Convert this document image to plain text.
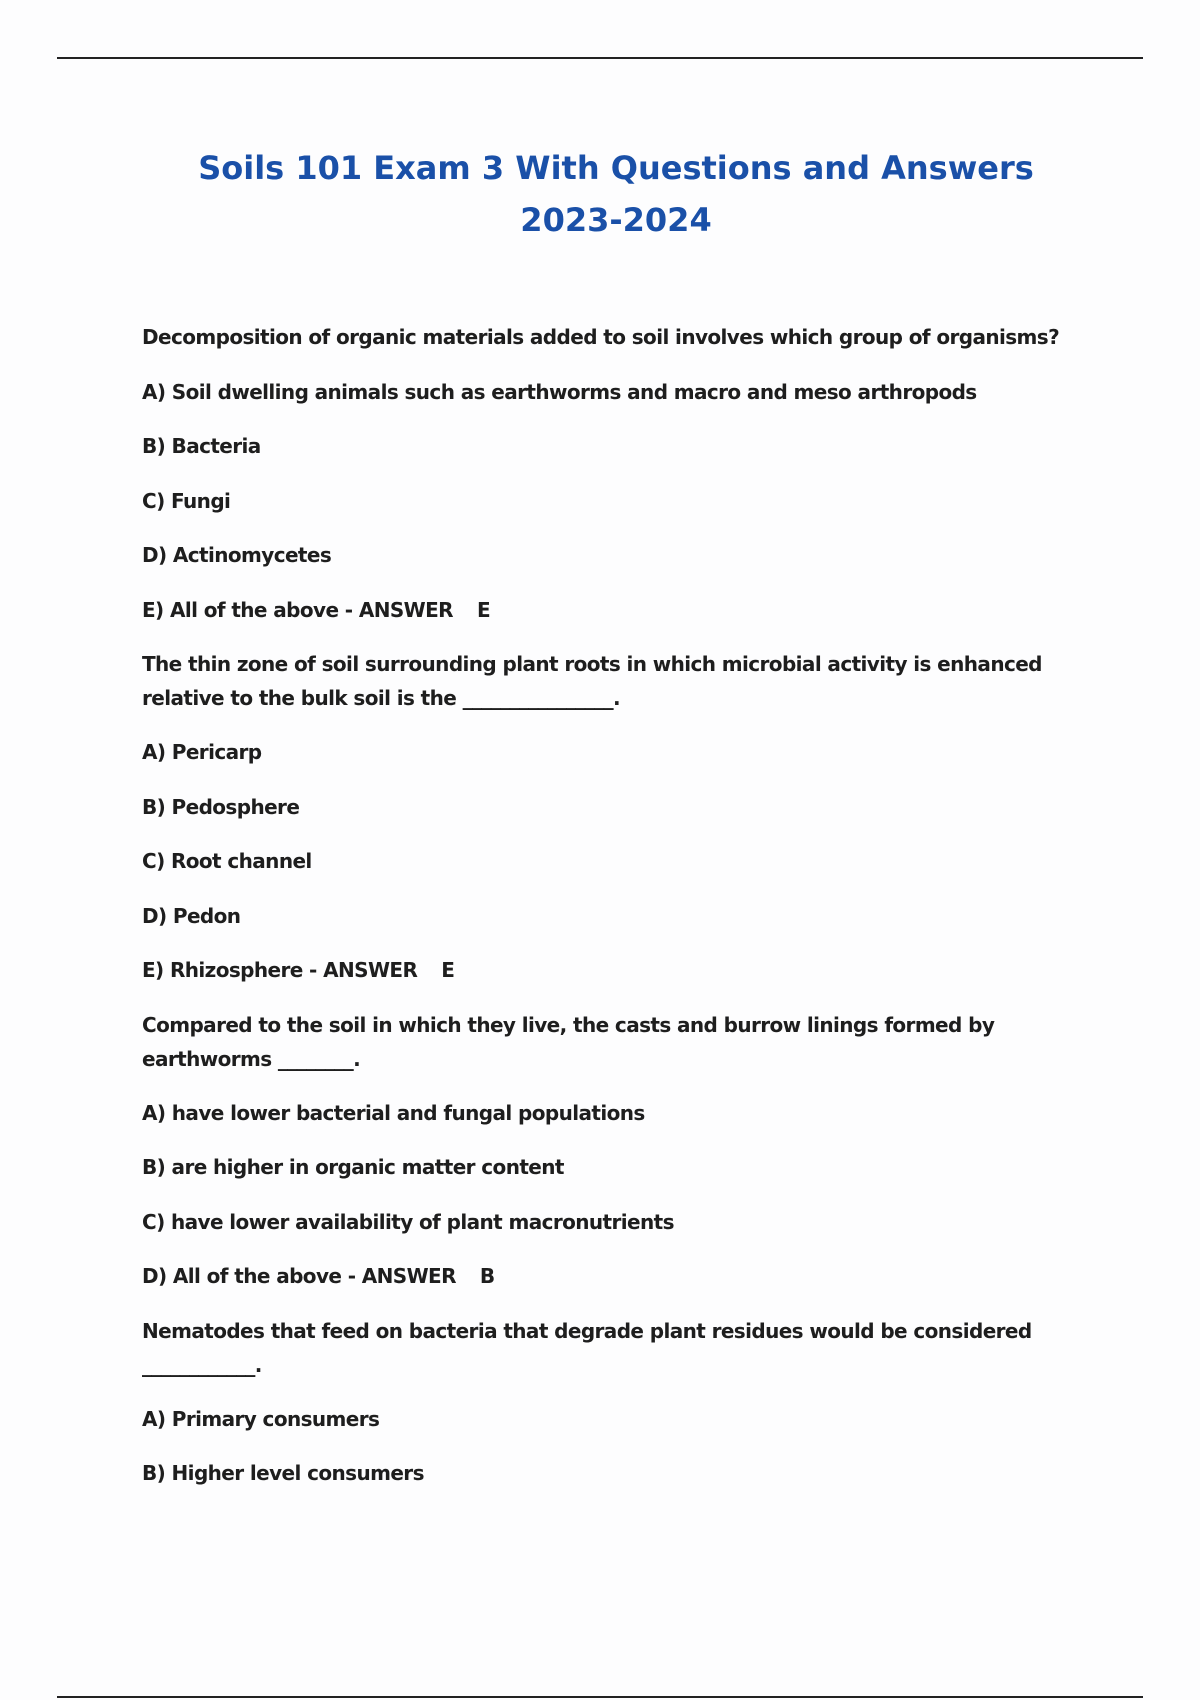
Soils 101 Exam 3 With Questions and Answers
2023-2024
Decomposition of organic materials added to soil involves which group of organisms?
A) Soil dwelling animals such as earthworms and macro and meso arthropods
B) Bacteria
C) Fungi
D) Actinomycetes
E) All of the above - ANSWER E
The thin zone of soil surrounding plant roots in which microbial activity is enhanced relative to the bulk soil is the ________________.
A) Pericarp
B) Pedosphere
C) Root channel
D) Pedon
E) Rhizosphere - ANSWER E
Compared to the soil in which they live, the casts and burrow linings formed by earthworms ________.
A) have lower bacterial and fungal populations
B) are higher in organic matter content
C) have lower availability of plant macronutrients
D) All of the above - ANSWER B
Nematodes that feed on bacteria that degrade plant residues would be considered ____________.
A) Primary consumers
B) Higher level consumers
